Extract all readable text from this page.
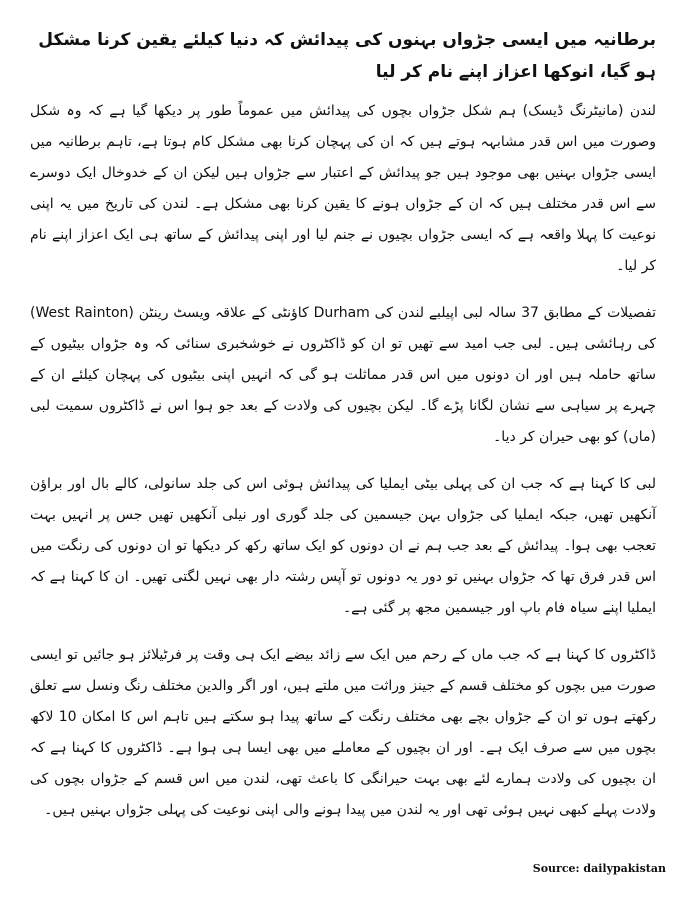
برطانیہ میں ایسی جڑواں بہنوں کی پیدائش کہ دنیا کیلئے یقین کرنا مشکل ہو گیا، انوکھا اعزاز اپنے نام کر لیا

لندن (مانیٹرنگ ڈیسک) ہم شکل جڑواں بچوں کی پیدائش میں عموماً طور پر دیکھا گیا ہے کہ وہ شکل وصورت میں اس قدر مشابہہ ہوتے ہیں کہ ان کی پہچان کرنا بھی مشکل کام ہوتا ہے، تاہم برطانیہ میں ایسی جڑواں بہنیں بھی موجود ہیں جو پیدائش کے اعتبار سے جڑواں ہیں لیکن ان کے خدوخال ایک دوسرے سے اس قدر مختلف ہیں کہ ان کے جڑواں ہونے کا یقین کرنا بھی مشکل ہے۔ لندن کی تاریخ میں یہ اپنی نوعیت کا پہلا واقعہ ہے کہ ایسی جڑواں بچیوں نے جنم لیا اور اپنی پیدائش کے ساتھ ہی ایک اعزاز اپنے نام کر لیا۔

تفصیلات کے مطابق 37 سالہ لبی اپیلبے لندن کی Durham کاؤنٹی کے علاقہ ویسٹ رینٹن (West Rainton) کی رہائشی ہیں۔ لبی جب امید سے تھیں تو ان کو ڈاکٹروں نے خوشخبری سنائی کہ وہ جڑواں بیٹیوں کے ساتھ حاملہ ہیں اور ان دونوں میں اس قدر مماثلت ہو گی کہ انہیں اپنی بیٹیوں کی پہچان کیلئے ان کے چہرے پر سیاہی سے نشان لگانا پڑے گا۔ لیکن بچیوں کی ولادت کے بعد جو ہوا اس نے ڈاکٹروں سمیت لبی (ماں) کو بھی حیران کر دیا۔

لبی کا کہنا ہے کہ جب ان کی پہلی بیٹی ایملیا کی پیدائش ہوئی اس کی جلد سانولی، کالے بال اور براؤن آنکھیں تھیں، جبکہ ایملیا کی جڑواں بہن جیسمین کی جلد گوری اور نیلی آنکھیں تھیں جس پر انہیں بہت تعجب بھی ہوا۔ پیدائش کے بعد جب ہم نے ان دونوں کو ایک ساتھ رکھ کر دیکھا تو ان دونوں کی رنگت میں اس قدر فرق تھا کہ جڑواں بہنیں تو دور یہ دونوں تو آپس رشتہ دار بھی نہیں لگتی تھیں۔ ان کا کہنا ہے کہ ایملیا اپنے سیاہ فام باپ اور جیسمین مجھ پر گئی ہے۔

ڈاکٹروں کا کہنا ہے کہ جب ماں کے رحم میں ایک سے زائد بیضے ایک ہی وقت پر فرٹیلائز ہو جائیں تو ایسی صورت میں بچوں کو مختلف قسم کے جینز وراثت میں ملتے ہیں، اور اگر والدین مختلف رنگ ونسل سے تعلق رکھتے ہوں تو ان کے جڑواں بچے بھی مختلف رنگت کے ساتھ پیدا ہو سکتے ہیں تاہم اس کا امکان 10 لاکھ بچوں میں سے صرف ایک ہے۔ اور ان بچیوں کے معاملے میں بھی ایسا ہی ہوا ہے۔ ڈاکٹروں کا کہنا ہے کہ ان بچیوں کی ولادت ہمارے لئے بھی بہت حیرانگی کا باعث تھی، لندن میں اس قسم کے جڑواں بچوں کی ولادت پہلے کبھی نہیں ہوئی تھی اور یہ لندن میں پیدا ہونے والی اپنی نوعیت کی پہلی جڑواں بہنیں ہیں۔

Source: dailypakistan
